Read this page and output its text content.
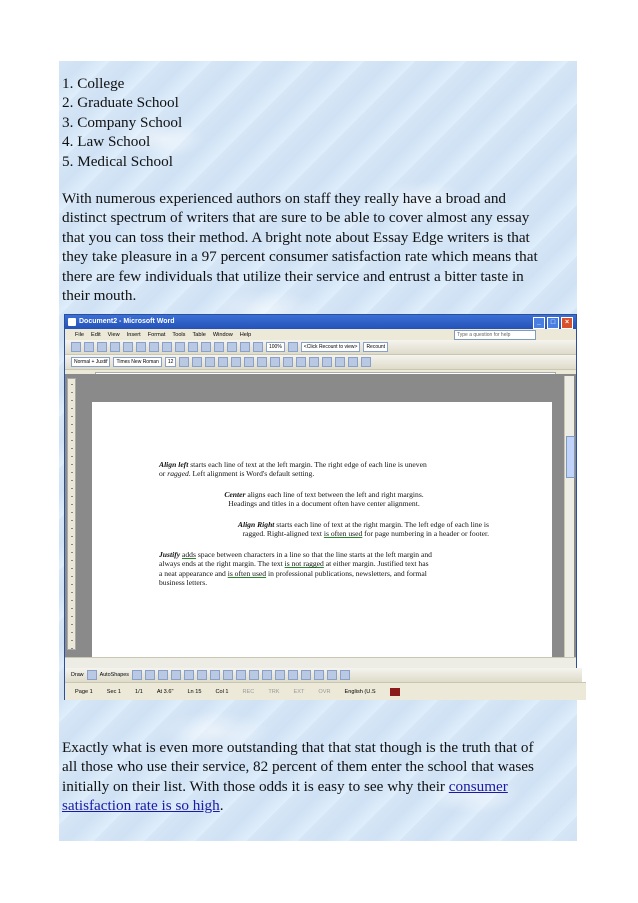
1. College

2. Graduate School

3. Company School

4. Law School

5. Medical School

With numerous experienced authors on staff they really have a broad and

distinct spectrum of writers that are sure to be able to cover almost any essay

that you can toss their method. A bright note about Essay Edge writers is that

they take pleasure in a 97 percent consumer satisfaction rate which means that

there are few individuals that utilize their service and entrust a bitter taste in

their mouth.

Document2 - Microsoft Word	_	□	×
File Edit View Insert Format Tools Table Window Help	Type a question for help
100%	<Click Recount to view>	Recount
Normal + Justif	Times New Roman	12
Align left starts each line of text at the left margin. The right edge of each line is uneven
or ragged. Left alignment is Word's default setting.
Center aligns each line of text between the left and right margins.
Headings and titles in a document often have center alignment.
Align Right starts each line of text at the right margin. The left edge of each line is
ragged. Right-aligned text is often used for page numbering in a header or footer.
Justify adds space between characters in a line so that the line starts at the left margin and
always ends at the right margin. The text is not ragged at either margin. Justified text has
a neat appearance and is often used in professional publications, newsletters, and formal
business letters.
Draw	AutoShapes
Page 1	Sec 1	1/1	At 3.6"	Ln 15	Col 1	REC	TRK	EXT	OVR	English (U.S

Exactly what is even more outstanding that that stat though is the truth that of

all those who use their service, 82 percent of them enter the school that wases

initially on their list. With those odds it is easy to see why their consumer

satisfaction rate is so high.
